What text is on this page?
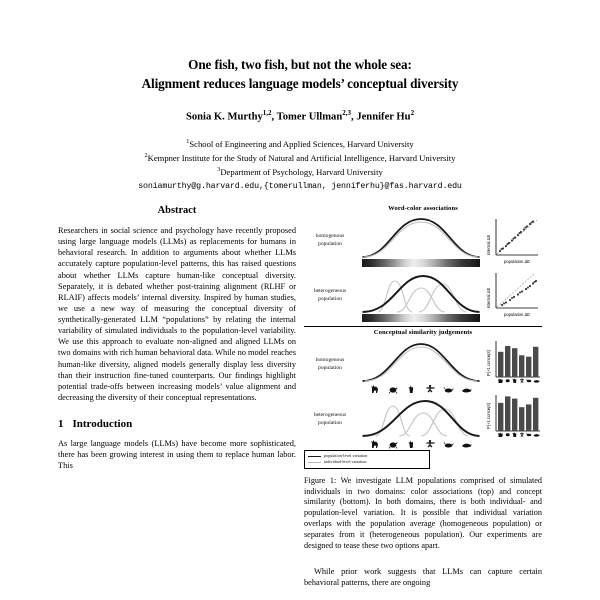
One fish, two fish, but not the whole sea:
Alignment reduces language models’ conceptual diversity
Sonia K. Murthy$^{1,2}$, Tomer Ullman$^{2,3}$, Jennifer Hu$^2$
$^1$School of Engineering and Applied Sciences, Harvard University
$^2$Kempner Institute for the Study of Natural and Artificial Intelligence, Harvard University
$^3$Department of Psychology, Harvard University
soniamurthy@g.harvard.edu,{tomerullman, jenniferhu}@fas.harvard.edu
Abstract

Researchers in social science and psychology have recently proposed using large language models (LLMs) as replacements for humans in behavioral research. In addition to arguments about whether LLMs accurately capture population-level patterns, this has raised questions about whether LLMs capture human-like conceptual diversity. Separately, it is debated whether post-training alignment (RLHF or RLAIF) affects models’ internal diversity. Inspired by human studies, we use a new way of measuring the conceptual diversity of synthetically-generated LLM “populations” by relating the internal variability of simulated individuals to the population-level variability. We use this approach to evaluate non-aligned and aligned LLMs on two domains with rich human behavioral data. While no model reaches human-like diversity, aligned models generally display less diversity than their instruction fine-tuned counterparts. Our findings highlight potential trade-offs between increasing models’ value alignment and decreasing the diversity of their conceptual representations.

1 Introduction

As large language models (LLMs) have become more sophisticated, there has been growing interest in using them to replace human labor. This

Word-color associations
homogenous
population	internal ΔE
population ΔE
heterogeneous
population	internal ΔE
population ΔE
Conceptual similarity judgements
homogenous
population	P(+1 concept)
heterogeneous
population	P(+1 concept)
population-level variation
individual-level variation

Figure 1: We investigate LLM populations comprised of simulated individuals in two domains: color associations (top) and concept similarity (bottom). In both domains, there is both individual- and population-level variation. It is possible that individual variation overlaps with the population average (homogeneous population) or separates from it (heterogeneous population). Our experiments are designed to tease these two options apart.

While prior work suggests that LLMs can capture certain behavioral patterns, there are ongoing
